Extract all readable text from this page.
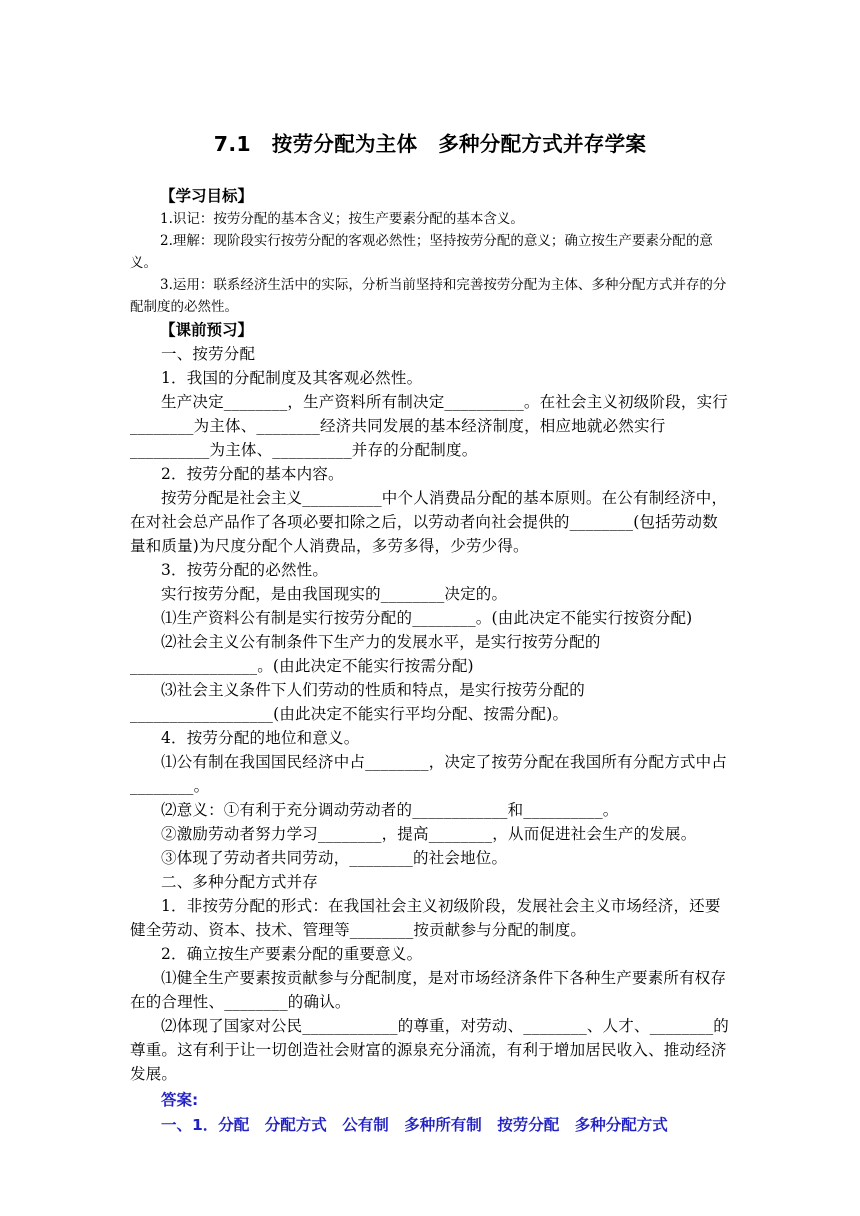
7.1　按劳分配为主体　多种分配方式并存学案
【学习目标】

1.识记：按劳分配的基本含义；按生产要素分配的基本含义。

2.理解：现阶段实行按劳分配的客观必然性；坚持按劳分配的意义；确立按生产要素分配的意义。

3.运用：联系经济生活中的实际，分析当前坚持和完善按劳分配为主体、多种分配方式并存的分配制度的必然性。

【课前预习】

一、按劳分配

1．我国的分配制度及其客观必然性。

生产决定________，生产资料所有制决定__________。在社会主义初级阶段，实行________为主体、________经济共同发展的基本经济制度，相应地就必然实行__________为主体、__________并存的分配制度。

2．按劳分配的基本内容。

按劳分配是社会主义__________中个人消费品分配的基本原则。在公有制经济中，在对社会总产品作了各项必要扣除之后，以劳动者向社会提供的________(包括劳动数量和质量)为尺度分配个人消费品，多劳多得，少劳少得。

3．按劳分配的必然性。

实行按劳分配，是由我国现实的________决定的。

⑴生产资料公有制是实行按劳分配的________。(由此决定不能实行按资分配)

⑵社会主义公有制条件下生产力的发展水平，是实行按劳分配的________________。(由此决定不能实行按需分配)

⑶社会主义条件下人们劳动的性质和特点，是实行按劳分配的__________________(由此决定不能实行平均分配、按需分配)。

4．按劳分配的地位和意义。

⑴公有制在我国国民经济中占________，决定了按劳分配在我国所有分配方式中占________。

⑵意义：①有利于充分调动劳动者的____________和__________。

②激励劳动者努力学习________，提高________，从而促进社会生产的发展。

③体现了劳动者共同劳动，________的社会地位。

二、多种分配方式并存

1．非按劳分配的形式：在我国社会主义初级阶段，发展社会主义市场经济，还要健全劳动、资本、技术、管理等________按贡献参与分配的制度。

2．确立按生产要素分配的重要意义。

⑴健全生产要素按贡献参与分配制度，是对市场经济条件下各种生产要素所有权存在的合理性、________的确认。

⑵体现了国家对公民____________的尊重，对劳动、________、人才、________的尊重。这有利于让一切创造社会财富的源泉充分涌流，有利于增加居民收入、推动经济发展。

答案:
一、1．分配　分配方式　公有制　多种所有制　按劳分配　多种分配方式
